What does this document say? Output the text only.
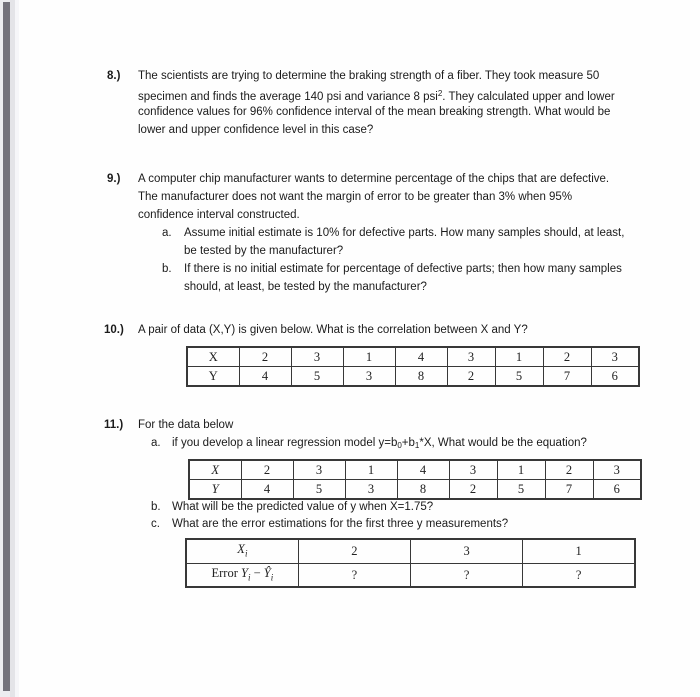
8.) The scientists are trying to determine the braking strength of a fiber. They took measure 50
specimen and finds the average 140 psi and variance 8 psi$^2$. They calculated upper and lower
confidence values for 96% confidence interval of the mean breaking strength. What would be
lower and upper confidence level in this case?
9.) A computer chip manufacturer wants to determine percentage of the chips that are defective.
The manufacturer does not want the margin of error to be greater than 3% when 95%
confidence interval constructed.
a. Assume initial estimate is 10% for defective parts. How many samples should, at least,
be tested by the manufacturer?
b. If there is no initial estimate for percentage of defective parts; then how many samples
should, at least, be tested by the manufacturer?
10.) A pair of data (X,Y) is given below. What is the correlation between X and Y?
X	2	3	1	4	3	1	2	3
Y	4	5	3	8	2	5	7	6
11.) For the data below
a. if you develop a linear regression model y=b0+b1*X, What would be the equation?
X	2	3	1	4	3	1	2	3
Y	4	5	3	8	2	5	7	6
b. What will be the predicted value of y when X=1.75?
c. What are the error estimations for the first three y measurements?
$X_i$	2	3	1
Error $Y_i$ − $Ŷ_i$	?	?	?
